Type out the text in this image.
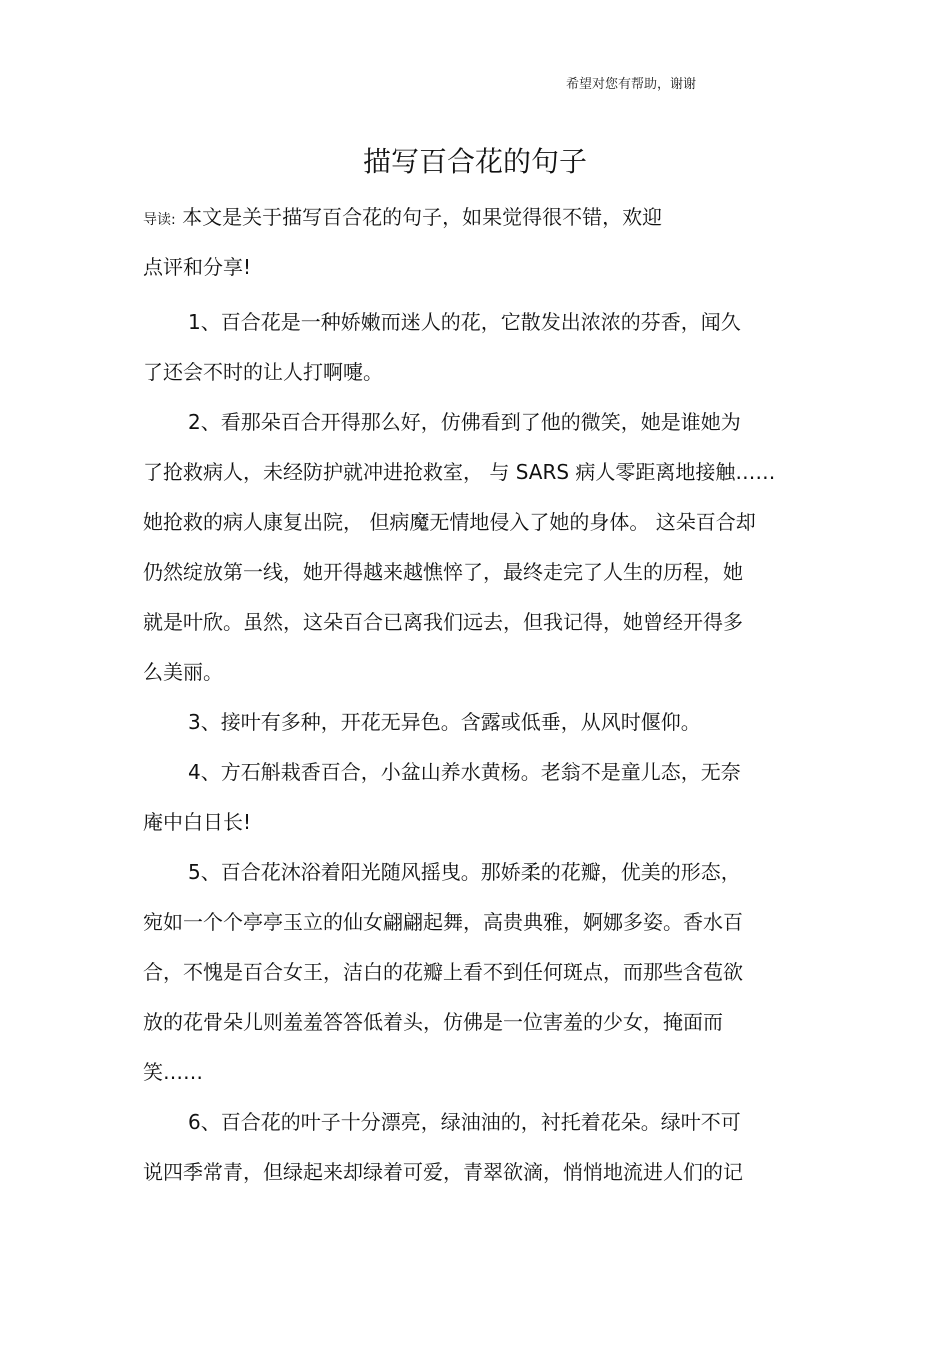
希望对您有帮助，谢谢
描写百合花的句子
导读: 本文是关于描写百合花的句子，如果觉得很不错，欢迎
点评和分享!
1、百合花是一种娇嫩而迷人的花，它散发出浓浓的芬香，闻久
了还会不时的让人打啊嚏。
2、看那朵百合开得那么好，仿佛看到了他的微笑，她是谁她为
了抢救病人，未经防护就冲进抢救室， 与 SARS 病人零距离地接触……
她抢救的病人康复出院， 但病魔无情地侵入了她的身体。 这朵百合却
仍然绽放第一线，她开得越来越憔悴了，最终走完了人生的历程，她
就是叶欣。虽然，这朵百合已离我们远去，但我记得，她曾经开得多
么美丽。
3、接叶有多种，开花无异色。含露或低垂，从风时偃仰。
4、方石斛栽香百合，小盆山养水黄杨。老翁不是童儿态，无奈
庵中白日长!
5、百合花沐浴着阳光随风摇曳。那娇柔的花瓣，优美的形态，
宛如一个个亭亭玉立的仙女翩翩起舞，高贵典雅，婀娜多姿。香水百
合，不愧是百合女王，洁白的花瓣上看不到任何斑点，而那些含苞欲
放的花骨朵儿则羞羞答答低着头，仿佛是一位害羞的少女，掩面而
笑……
6、百合花的叶子十分漂亮，绿油油的，衬托着花朵。绿叶不可
说四季常青，但绿起来却绿着可爱，青翠欲滴，悄悄地流进人们的记
